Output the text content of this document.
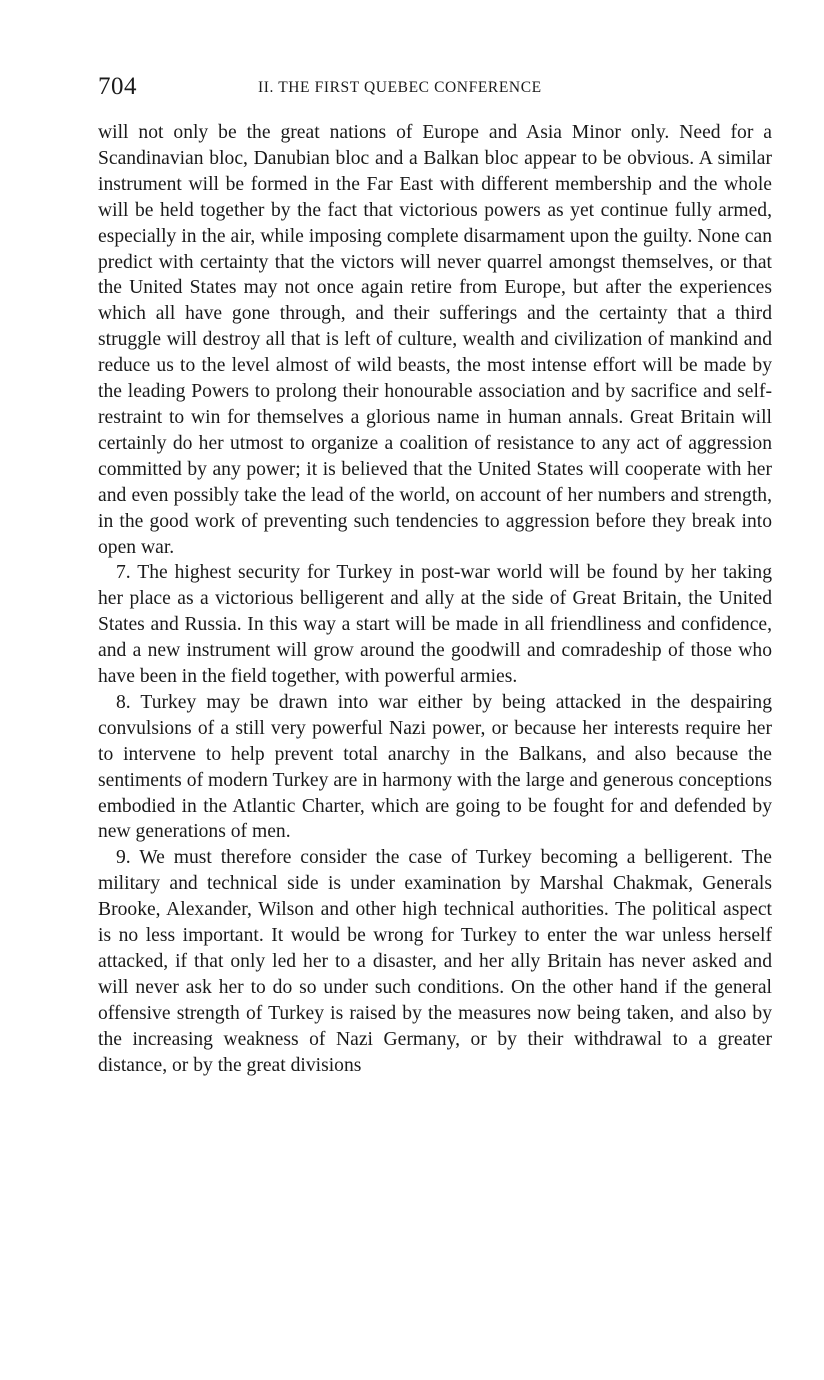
704	II. THE FIRST QUEBEC CONFERENCE

will not only be the great nations of Europe and Asia Minor only. Need for a Scandinavian bloc, Danubian bloc and a Balkan bloc appear to be obvious. A similar instrument will be formed in the Far East with different membership and the whole will be held together by the fact that victorious powers as yet continue fully armed, especially in the air, while imposing complete disarmament upon the guilty. None can predict with certainty that the victors will never quarrel amongst themselves, or that the United States may not once again retire from Europe, but after the experiences which all have gone through, and their sufferings and the certainty that a third struggle will destroy all that is left of culture, wealth and civilization of mankind and reduce us to the level almost of wild beasts, the most intense effort will be made by the leading Powers to prolong their honourable association and by sacrifice and self-restraint to win for themselves a glorious name in human annals. Great Britain will certainly do her utmost to organize a coalition of resistance to any act of aggression committed by any power; it is believed that the United States will cooperate with her and even possibly take the lead of the world, on account of her numbers and strength, in the good work of preventing such tendencies to aggression before they break into open war.

7. The highest security for Turkey in post-war world will be found by her taking her place as a victorious belligerent and ally at the side of Great Britain, the United States and Russia. In this way a start will be made in all friendliness and confidence, and a new instrument will grow around the goodwill and comradeship of those who have been in the field together, with powerful armies.

8. Turkey may be drawn into war either by being attacked in the despairing convulsions of a still very powerful Nazi power, or because her interests require her to intervene to help prevent total anarchy in the Balkans, and also because the sentiments of modern Turkey are in harmony with the large and generous conceptions embodied in the Atlantic Charter, which are going to be fought for and defended by new generations of men.

9. We must therefore consider the case of Turkey becoming a belligerent. The military and technical side is under examination by Marshal Chakmak, Generals Brooke, Alexander, Wilson and other high technical authorities. The political aspect is no less important. It would be wrong for Turkey to enter the war unless herself attacked, if that only led her to a disaster, and her ally Britain has never asked and will never ask her to do so under such conditions. On the other hand if the general offensive strength of Turkey is raised by the measures now being taken, and also by the increasing weakness of Nazi Germany, or by their withdrawal to a greater distance, or by the great divisions
